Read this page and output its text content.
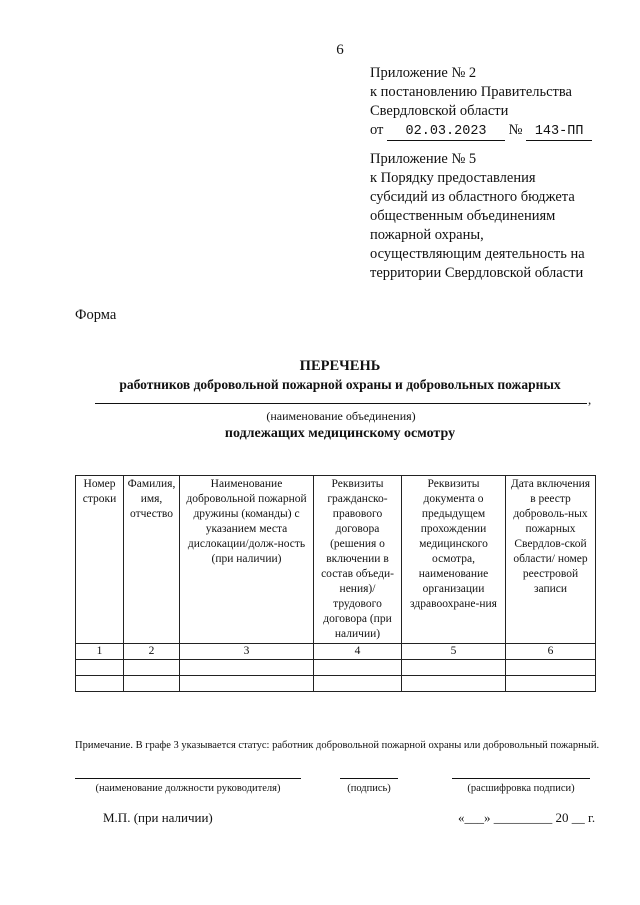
6
Приложение № 2
к постановлению Правительства
Свердловской области
от 02.03.2023 № 143-ПП
Приложение № 5
к Порядку предоставления
субсидий из областного бюджета
общественным объединениям
пожарной охраны,
осуществляющим деятельность на
территории Свердловской области
Форма
ПЕРЕЧЕНЬ
работников добровольной пожарной охраны и добровольных пожарных
,
(наименование объединения)
подлежащих медицинскому осмотру
Номер строки	Фамилия, имя, отчество	Наименование добровольной пожарной дружины (команды) с указанием места дислокации/долж-ность (при наличии)	Реквизиты гражданско-правового договора (решения о включении в состав объеди-нения)/ трудового договора (при наличии)	Реквизиты документа о предыдущем прохождении медицинского осмотра, наименование организации здравоохране-ния	Дата включения в реестр доброволь-ных пожарных Свердлов-ской области/ номер реестровой записи
1	2	3	4	5	6

Примечание. В графе 3 указывается статус: работник добровольной пожарной охраны или добровольный пожарный.
(наименование должности руководителя)	(подпись)	(расшифровка подписи)
М.П. (при наличии)	«___» _________ 20 __ г.
